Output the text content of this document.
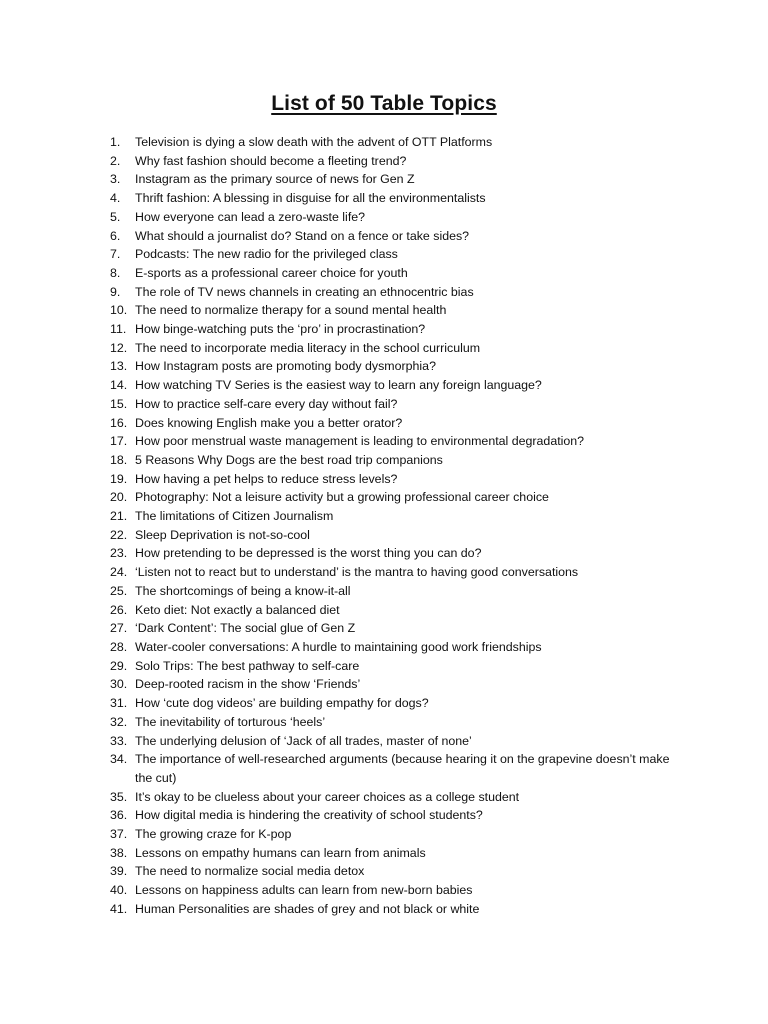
List of 50 Table Topics
1.	Television is dying a slow death with the advent of OTT Platforms
2.	Why fast fashion should become a fleeting trend?
3.	Instagram as the primary source of news for Gen Z
4.	Thrift fashion: A blessing in disguise for all the environmentalists
5.	How everyone can lead a zero-waste life?
6.	What should a journalist do? Stand on a fence or take sides?
7.	Podcasts: The new radio for the privileged class
8.	E-sports as a professional career choice for youth
9.	The role of TV news channels in creating an ethnocentric bias
10. The need to normalize therapy for a sound mental health
11. How binge-watching puts the ‘pro’ in procrastination?
12. The need to incorporate media literacy in the school curriculum
13. How Instagram posts are promoting body dysmorphia?
14. How watching TV Series is the easiest way to learn any foreign language?
15. How to practice self-care every day without fail?
16. Does knowing English make you a better orator?
17. How poor menstrual waste management is leading to environmental degradation?
18. 5 Reasons Why Dogs are the best road trip companions
19. How having a pet helps to reduce stress levels?
20. Photography: Not a leisure activity but a growing professional career choice
21. The limitations of Citizen Journalism
22. Sleep Deprivation is not-so-cool
23. How pretending to be depressed is the worst thing you can do?
24. ‘Listen not to react but to understand’ is the mantra to having good conversations
25. The shortcomings of being a know-it-all
26. Keto diet: Not exactly a balanced diet
27. ‘Dark Content’: The social glue of Gen Z
28. Water-cooler conversations: A hurdle to maintaining good work friendships
29. Solo Trips: The best pathway to self-care
30. Deep-rooted racism in the show ‘Friends’
31. How ‘cute dog videos’ are building empathy for dogs?
32. The inevitability of torturous ‘heels’
33. The underlying delusion of ‘Jack of all trades, master of none’
34. The importance of well-researched arguments (because hearing it on the grapevine doesn’t make the cut)
35. It’s okay to be clueless about your career choices as a college student
36. How digital media is hindering the creativity of school students?
37. The growing craze for K-pop
38. Lessons on empathy humans can learn from animals
39. The need to normalize social media detox
40. Lessons on happiness adults can learn from new-born babies
41. Human Personalities are shades of grey and not black or white
